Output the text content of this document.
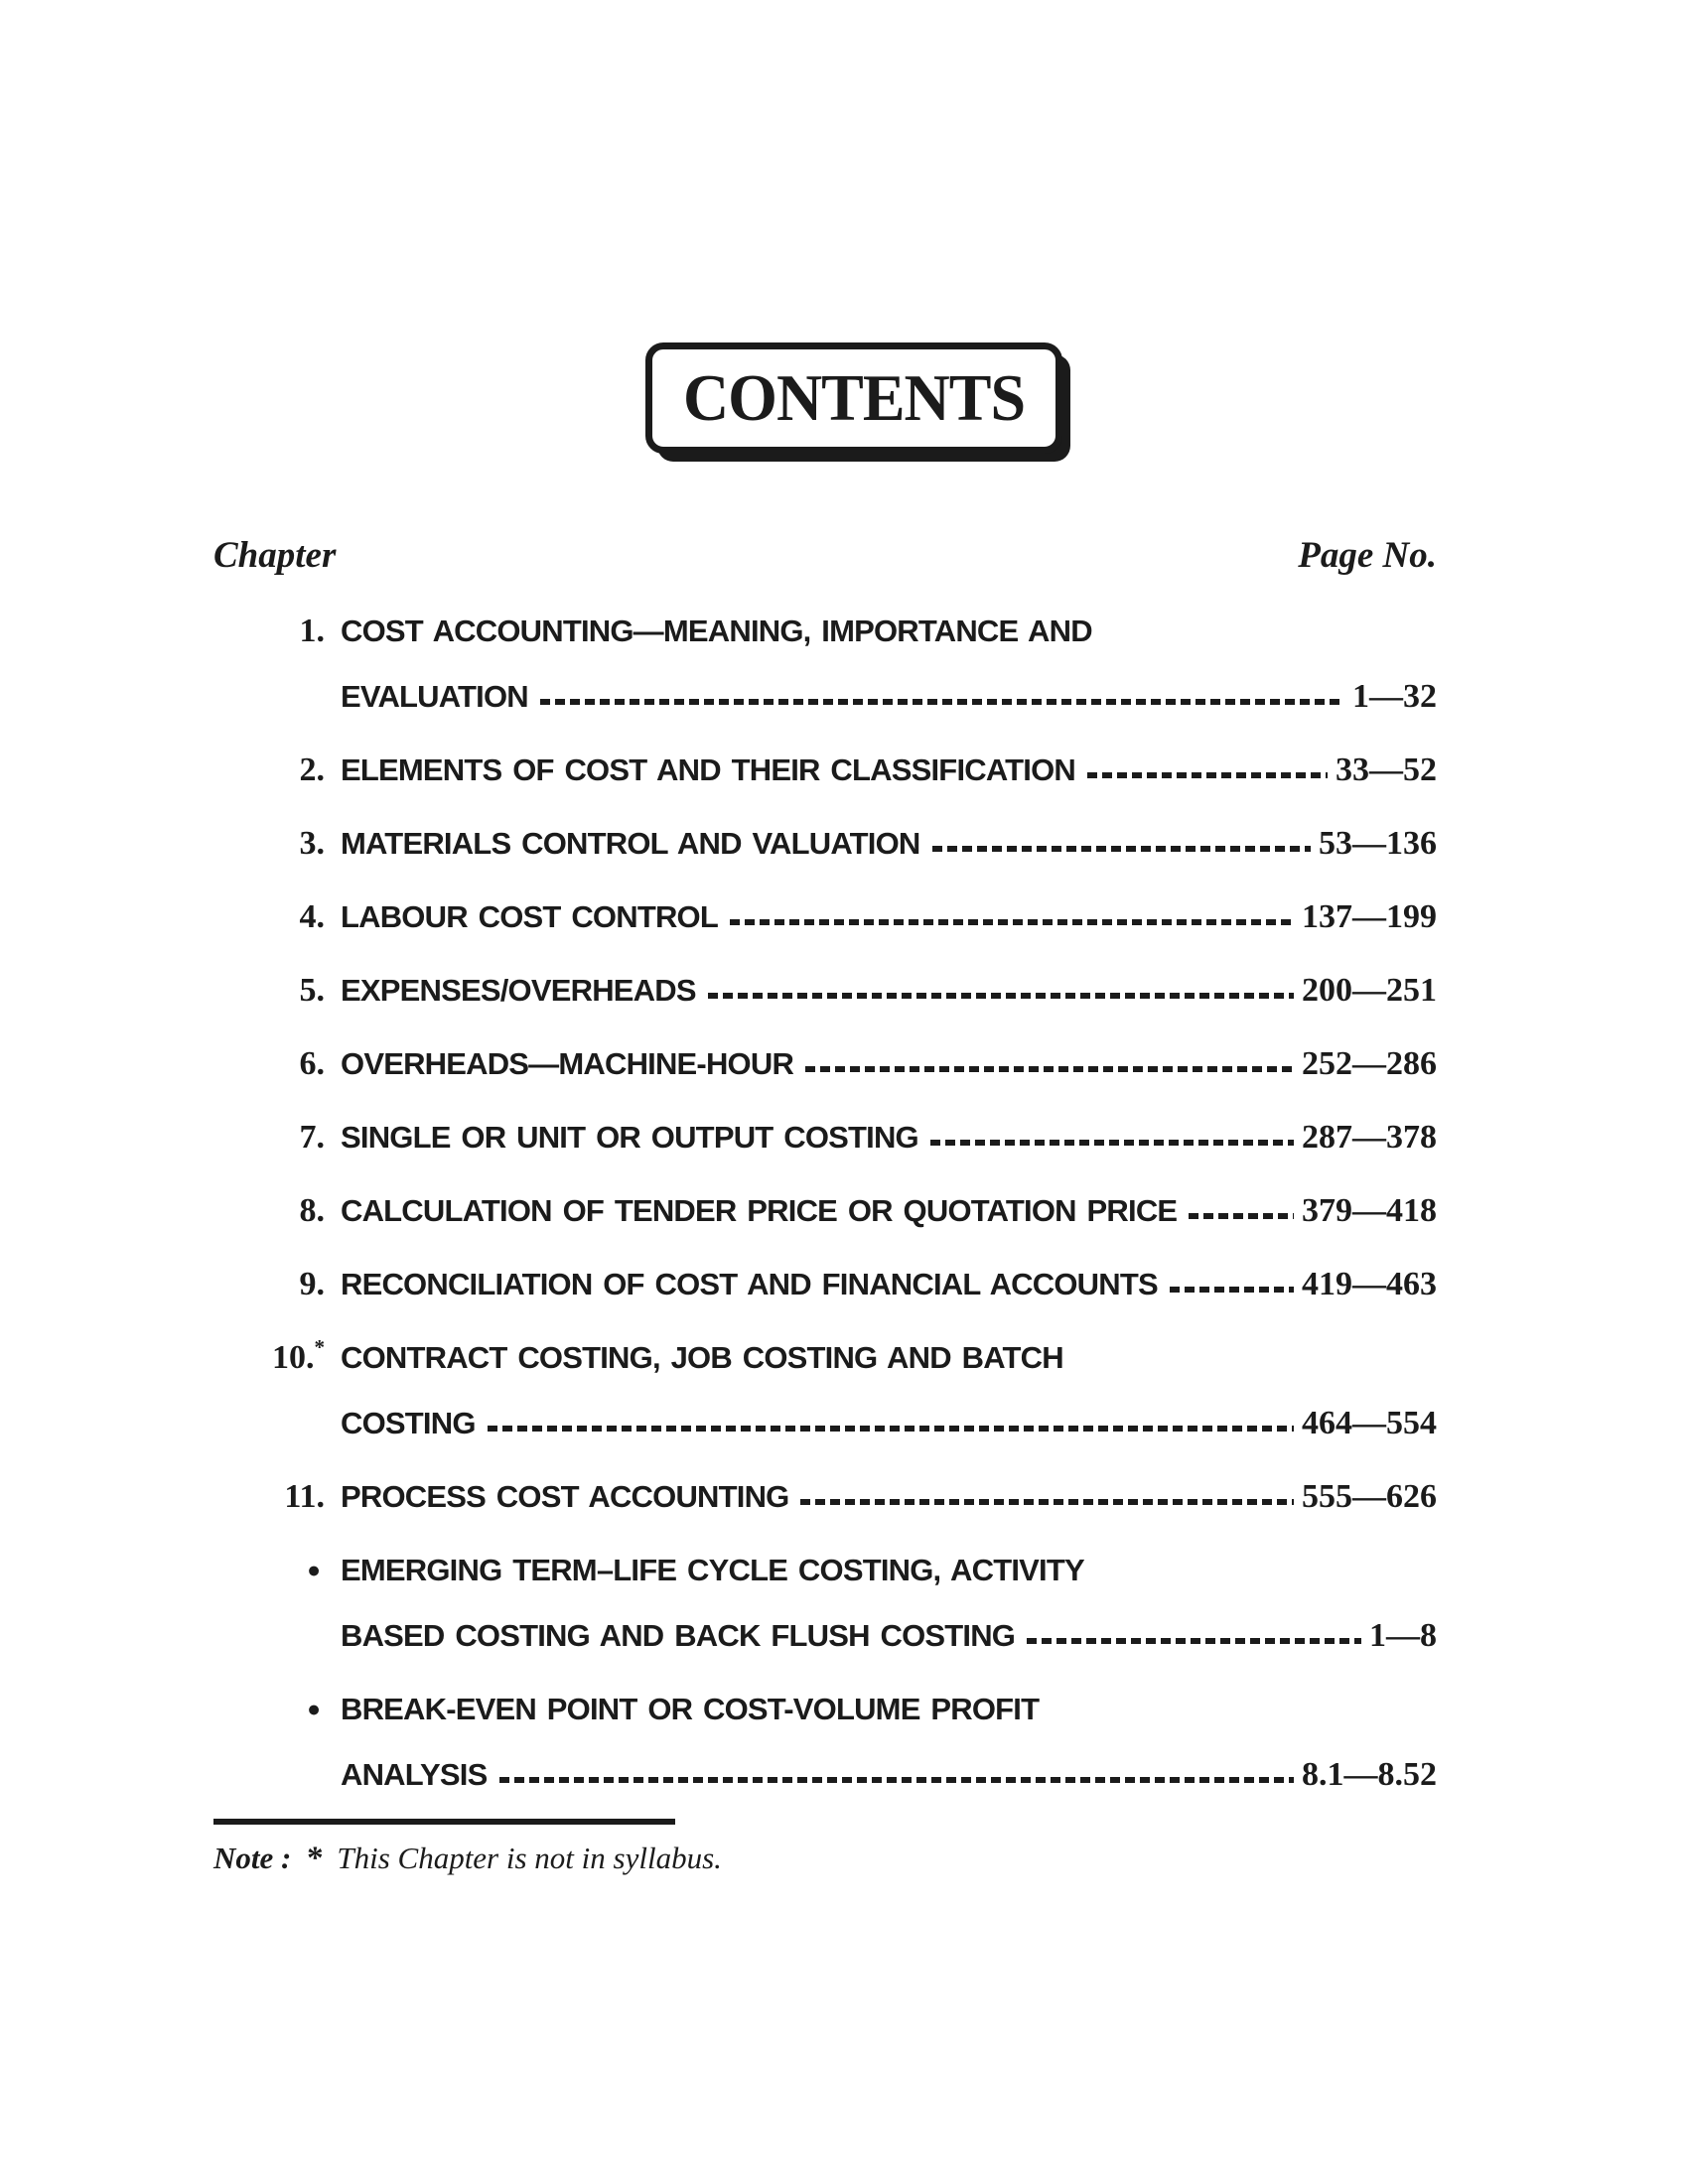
CONTENTS
Chapter	Page No.
1. COST ACCOUNTING—MEANING, IMPORTANCE AND
EVALUATION	1—32
2. ELEMENTS OF COST AND THEIR CLASSIFICATION	33—52
3. MATERIALS CONTROL AND VALUATION	53—136
4. LABOUR COST CONTROL	137—199
5. EXPENSES/OVERHEADS	200—251
6. OVERHEADS—MACHINE-HOUR	252—286
7. SINGLE OR UNIT OR OUTPUT COSTING	287—378
8. CALCULATION OF TENDER PRICE OR QUOTATION PRICE	379—418
9. RECONCILIATION OF COST AND FINANCIAL ACCOUNTS	419—463
10.* CONTRACT COSTING, JOB COSTING AND BATCH
COSTING	464—554
11. PROCESS COST ACCOUNTING	555—626
● EMERGING TERM–LIFE CYCLE COSTING, ACTIVITY
BASED COSTING AND BACK FLUSH COSTING	1—8
● BREAK-EVEN POINT OR COST-VOLUME PROFIT
ANALYSIS	8.1—8.52
Note : * This Chapter is not in syllabus.
